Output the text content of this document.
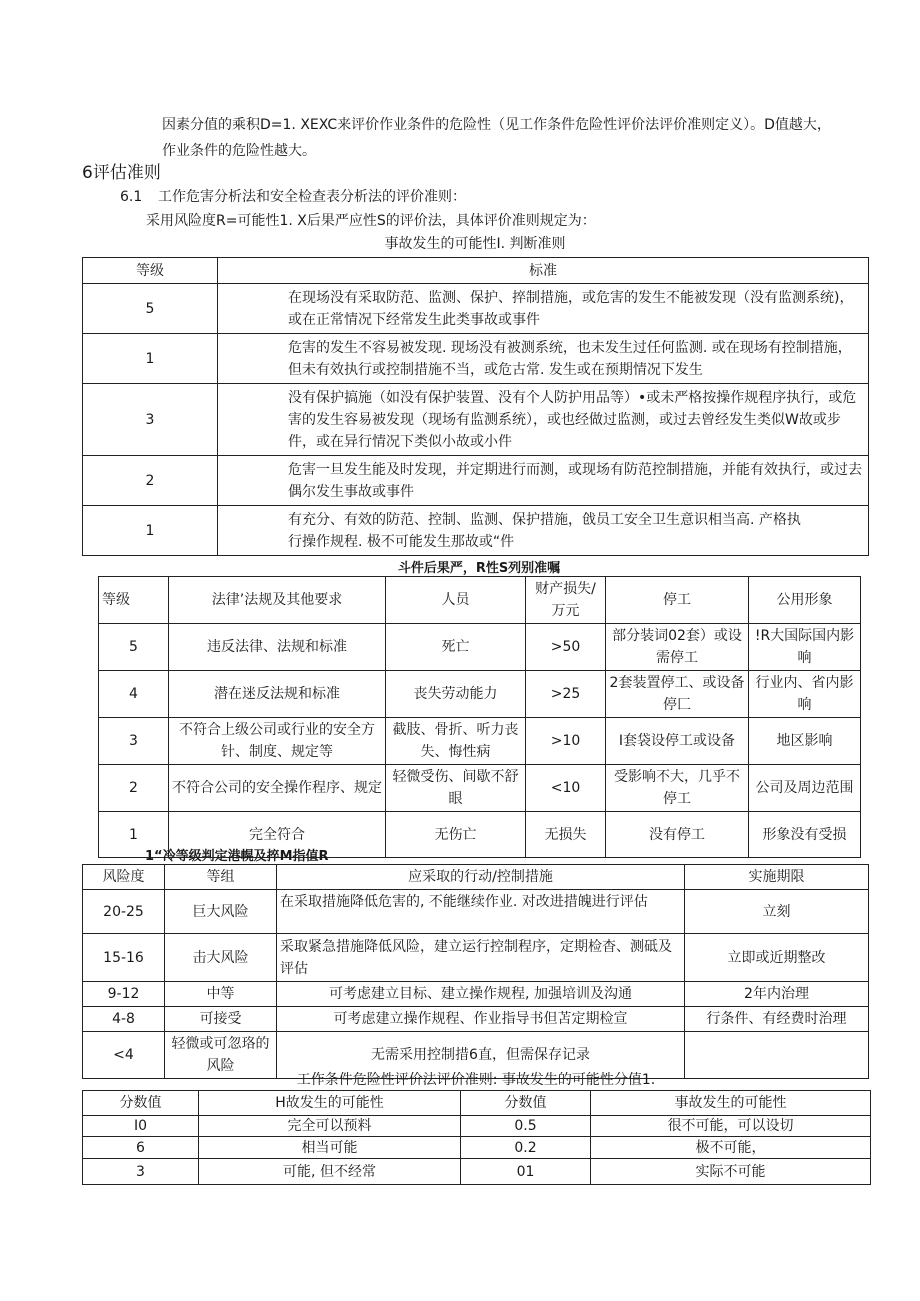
因素分值的乘积D=1. XEXC来评价作业条件的危险性（见工作条件危险性评价法评价准则定义）。D值越大，

作业条件的危险性越大。

6评估准则
6.1 工作危害分析法和安全检查表分析法的评价准则：
采用风险度R=可能性1. X后果严应性S的评价法，具体评价准则规定为：
事故发生的可能性I. 判断准则
等级	标准
5	在现场没有采取防范、监测、保护、捽制措施，或危害的发生不能被发现（没有监测系统)，或在正常情况下经常发生此类事故或事件
1	危害的发生不容易被发现. 现场没有被测系统，也未发生过任何监测. 或在现场有控制措施，但未有效执行或控制措施不当，或危古常. 发生或在预期情况下发生
3	没有保护搞施（如没有保护装置、没有个人防护用品等）•或未严格按操作规程序执行，或危害的发生容易被发现（现场有监测系统），或也经做过监测，或过去曾经发生类似W故或步件，或在异行情况下类似小故或小件
2	危害一旦发生能及时发现，并定期进行而测，或现场有防范控制措施，并能有效执行，或过去偶尔发生事故或事件
1	有充分、有效的防范、控制、监测、保护措施，戗员工安全卫生意识相当高. 产格执行操作规程. 极不可能发生那故或“件
斗件后果严，R性S列别准嘱
等级	法律’法规及其他要求	人员	财产损失/万元	停工	公用形象
5	违反法律、法规和标准	死亡	>50	部分装词02套）或设需停工	!R大国际国内影响
4	潜在迷反法规和标准	丧失劳动能力	>25	2套装置停工、或设备停匚	行业内、省内影响
3	不符合上级公司或行业的安全方针、制度、规定等	截肢、骨折、听力丧失、悔性病	>10	I套袋设停工或设备	地区影响
2	不符合公司的安全操作程序、规定	轻微受伤、间歇不舒眼	<10	受影响不大，几乎不停工	公司及周边范围
1	完全符合	无伤亡	无损失	没有停工	形象没有受损
1“冷等级判定港幌及捽M指值R
风险度	等组	应采取的行动/控制措施	实施期限
20-25	巨大风险	在采取措施降低危害的, 不能继续作业. 对改进措魄进行评估	立刻
15-16	击大风险	采取紧急措施降低风险，建立运行控制程序，定期检杳、测砥及评估	立即或近期整改
9-12	中等	可考虑建立目标、建立操作规程, 加强培训及沟通	2年内治理
4-8	可接受	可考虑建立操作规程、作业指导书但苫定期检宣	行条件、有经费时治理
<4	轻微或可忽珞的风险	无需采用控制措6直，但需保存记录	
工作条件危险性评价法评价准则: 事故发生的可能性分值1.
分数值	H故发生的可能性	分数值	事故发生的可能性
I0	完全可以预料	0.5	很不可能，可以设切
6	相当可能	0.2	极不可能，
3	可能, 但不经常	01	实际不可能
